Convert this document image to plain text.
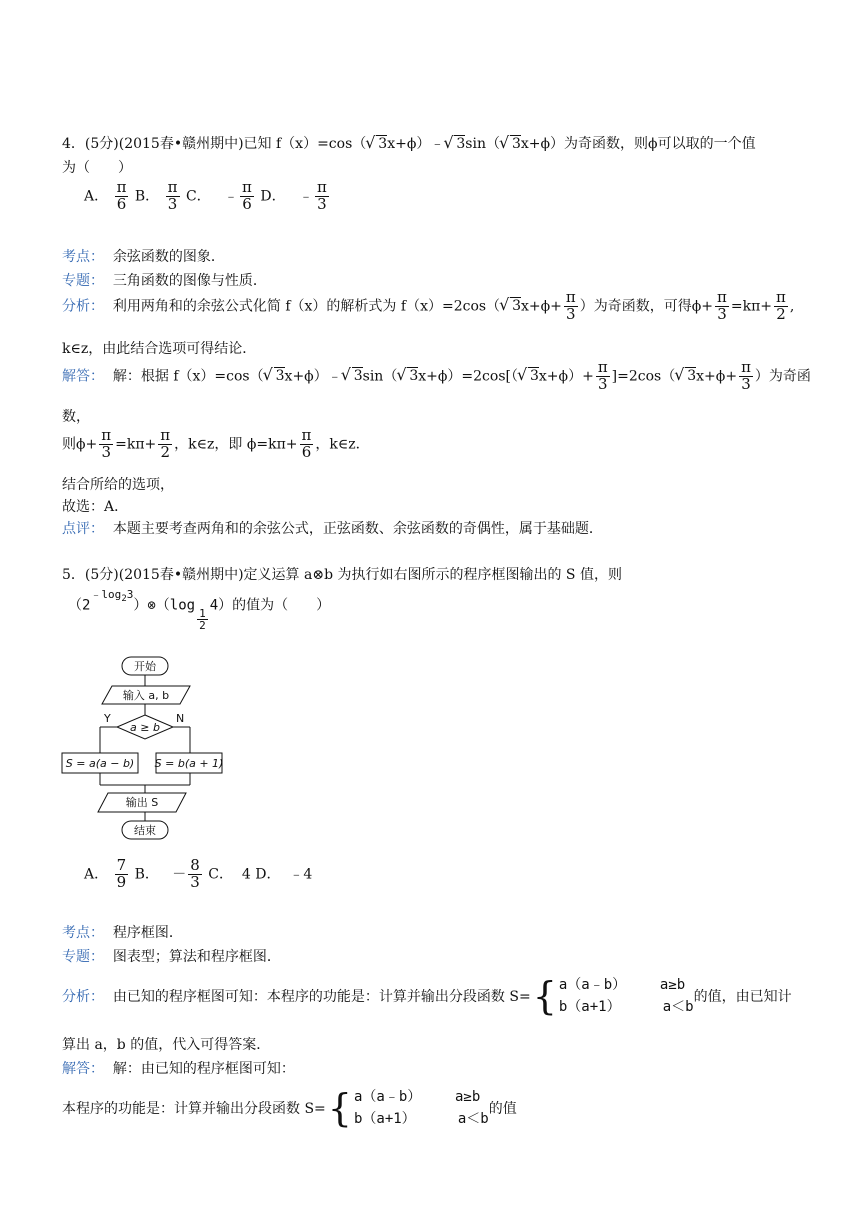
4．(5分)(2015春•赣州期中)已知 f（x）=cos（√ 3x+ϕ）﹣√ 3sin（√ 3x+ϕ）为奇函数，则ϕ可以取的一个值
为（　　）
A． $\frac{\pi}{6}$ B． $\frac{\pi}{3}$ C． ﹣ $\frac{\pi}{6}$ D． ﹣ $\frac{\pi}{3}$
考点： 余弦函数的图象．
专题： 三角函数的图像与性质．
分析： 利用两角和的余弦公式化简 f（x）的解析式为 f（x）=2cos（√ $3x+\phi+ \frac{\pi}{3}$ ）为奇函数，可得$\phi+ \frac{\pi}{3} =k\pi+ \frac{\pi}{2}$ ,
k∈z，由此结合选项可得结论．
解答： 解：根据 f（x）=cos（√ 3x+ϕ）﹣√ 3sin（√ 3x+ϕ）=2cos[（√ $3x+\phi)+ \frac{\pi}{3} ]=2\cos(√$ $3x+\phi+ \frac{\pi}{3}$ ）为奇函
数，
则$\phi+ \frac{\pi}{3} =k\pi+ \frac{\pi}{2}$ ，k∈z，即 $\phi=k\pi+ \frac{\pi}{6}$ ，k∈z．
结合所给的选项，
故选：A．
点评： 本题主要考查两角和的余弦公式，正弦函数、余弦函数的奇偶性，属于基础题．
5．(5分)(2015春•赣州期中)定义运算 a⊗b 为执行如右图所示的程序框图输出的 S 值，则
$(2^{﹣log_23})\otimes(\log$
$\frac{1}{2}$
4）的值为（　　）
开始
输入 a, b
a ≥ b
Y	N
S = a(a − b) S = b(a + 1)
输出 S
结束
A． $\frac{7}{9}$ B． － $\frac{8}{3}$ C． 4 D． ﹣4
考点： 程序框图．
专题： 图表型；算法和程序框图．
分析：
由已知的程序框图可知：本程序的功能是：计算并输出分段函数 S= { a（a﹣b） a≥b
b（a+1）	a＜b
的值，由已知计
算出 a，b 的值，代入可得答案．
解答： 解：由已知的程序框图可知：
本程序的功能是：计算并输出分段函数 S= { a（a﹣b） a≥b
b（a+1）	a＜b
的值
